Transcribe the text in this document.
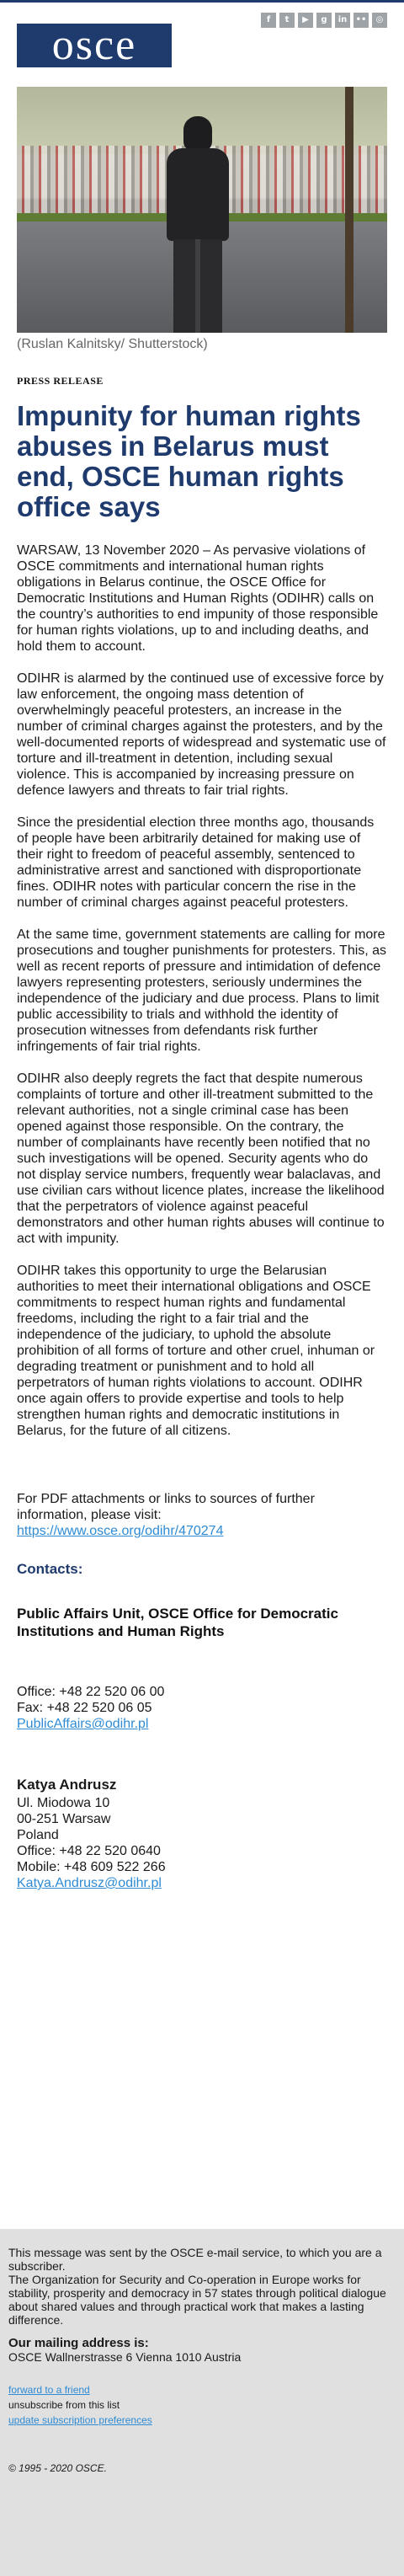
osce
f	t	▶	g	in	••	◎
(Ruslan Kalnitsky/ Shutterstock)
PRESS RELEASE
Impunity for human rights abuses in Belarus must end, OSCE human rights office says

WARSAW, 13 November 2020 – As pervasive violations of OSCE commitments and international human rights obligations in Belarus continue, the OSCE Office for Democratic Institutions and Human Rights (ODIHR) calls on the country’s authorities to end impunity of those responsible for human rights violations, up to and including deaths, and hold them to account.

ODIHR is alarmed by the continued use of excessive force by law enforcement, the ongoing mass detention of overwhelmingly peaceful protesters, an increase in the number of criminal charges against the protesters, and by the well-documented reports of widespread and systematic use of torture and ill-treatment in detention, including sexual violence. This is accompanied by increasing pressure on defence lawyers and threats to fair trial rights.

Since the presidential election three months ago, thousands of people have been arbitrarily detained for making use of their right to freedom of peaceful assembly, sentenced to administrative arrest and sanctioned with disproportionate fines. ODIHR notes with particular concern the rise in the number of criminal charges against peaceful protesters.

At the same time, government statements are calling for more prosecutions and tougher punishments for protesters. This, as well as recent reports of pressure and intimidation of defence lawyers representing protesters, seriously undermines the independence of the judiciary and due process. Plans to limit public accessibility to trials and withhold the identity of prosecution witnesses from defendants risk further infringements of fair trial rights.

ODIHR also deeply regrets the fact that despite numerous complaints of torture and other ill-treatment submitted to the relevant authorities, not a single criminal case has been opened against those responsible. On the contrary, the number of complainants have recently been notified that no such investigations will be opened. Security agents who do not display service numbers, frequently wear balaclavas, and use civilian cars without licence plates, increase the likelihood that the perpetrators of violence against peaceful demonstrators and other human rights abuses will continue to act with impunity.

ODIHR takes this opportunity to urge the Belarusian authorities to meet their international obligations and OSCE commitments to respect human rights and fundamental freedoms, including the right to a fair trial and the independence of the judiciary, to uphold the absolute prohibition of all forms of torture and other cruel, inhuman or degrading treatment or punishment and to hold all perpetrators of human rights violations to account. ODIHR once again offers to provide expertise and tools to help strengthen human rights and democratic institutions in Belarus, for the future of all citizens.

For PDF attachments or links to sources of further information, please visit:
https://www.osce.org/odihr/470274
Contacts:
Public Affairs Unit, OSCE Office for Democratic Institutions and Human Rights
Office: +48 22 520 06 00
Fax: +48 22 520 06 05
PublicAffairs@odihr.pl
Katya Andrusz
Ul. Miodowa 10
00-251 Warsaw
Poland
Office: +48 22 520 0640
Mobile: +48 609 522 266
Katya.Andrusz@odihr.pl
This message was sent by the OSCE e-mail service, to which you are a subscriber.
The Organization for Security and Co-operation in Europe works for stability, prosperity and democracy in 57 states through political dialogue about shared values and through practical work that makes a lasting difference.
Our mailing address is:
OSCE Wallnerstrasse 6 Vienna 1010 Austria
forward to a friend
unsubscribe from this list
update subscription preferences
© 1995 - 2020 OSCE.
